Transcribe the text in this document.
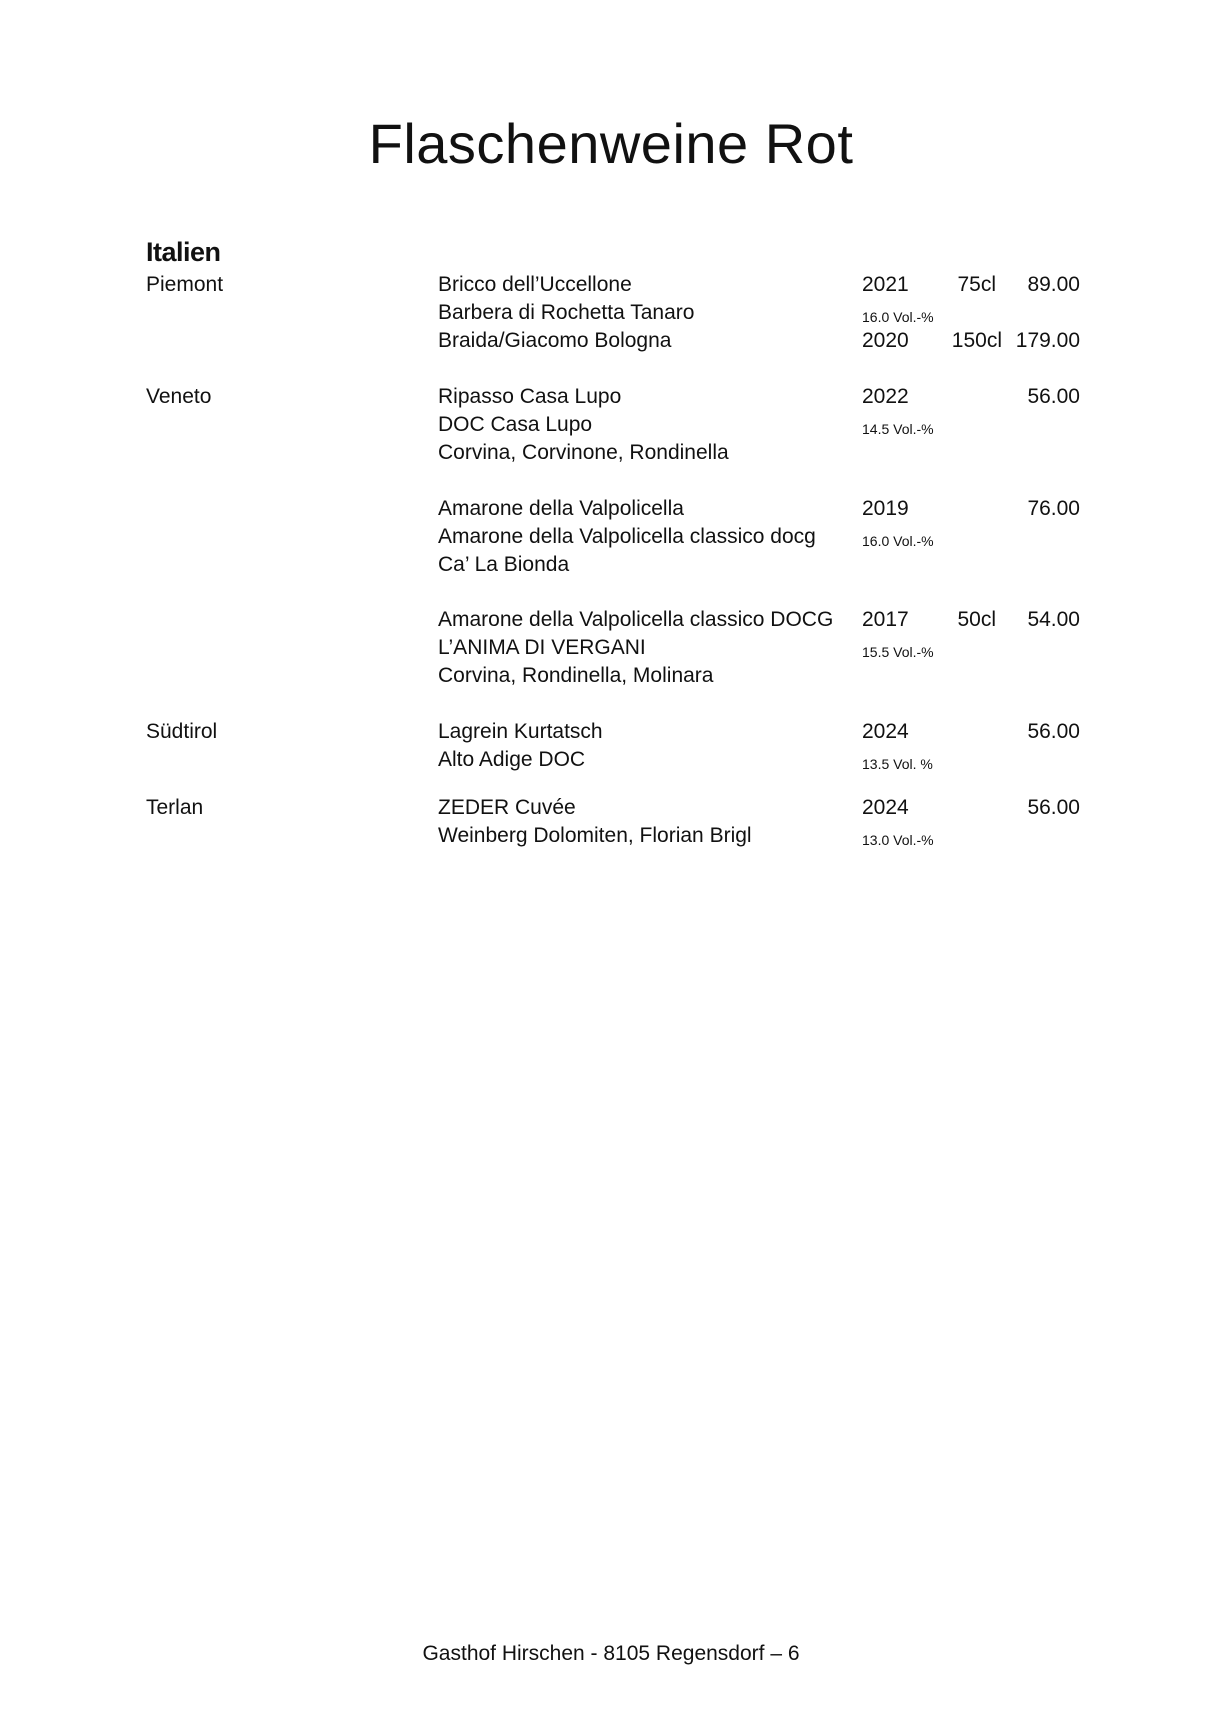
Flaschenweine Rot
Italien
Piemont	Bricco dell’Uccellone	2021 75cl 89.00
Barbera di Rochetta Tanaro	16.0 Vol.-%
Braida/Giacomo Bologna	2020 150cl 179.00
Veneto	Ripasso Casa Lupo	2022	56.00
DOC Casa Lupo	14.5 Vol.-%
Corvina, Corvinone, Rondinella
Amarone della Valpolicella	2019	76.00
Amarone della Valpolicella classico docg	16.0 Vol.-%
Ca’ La Bionda
Amarone della Valpolicella classico DOCG 2017 50cl 54.00
L’ANIMA DI VERGANI	15.5 Vol.-%
Corvina, Rondinella, Molinara
Südtirol	Lagrein Kurtatsch	2024	56.00
Alto Adige DOC	13.5 Vol. %
Terlan	ZEDER Cuvée	2024	56.00
Weinberg Dolomiten, Florian Brigl	13.0 Vol.-%
Gasthof Hirschen - 8105 Regensdorf – 6
